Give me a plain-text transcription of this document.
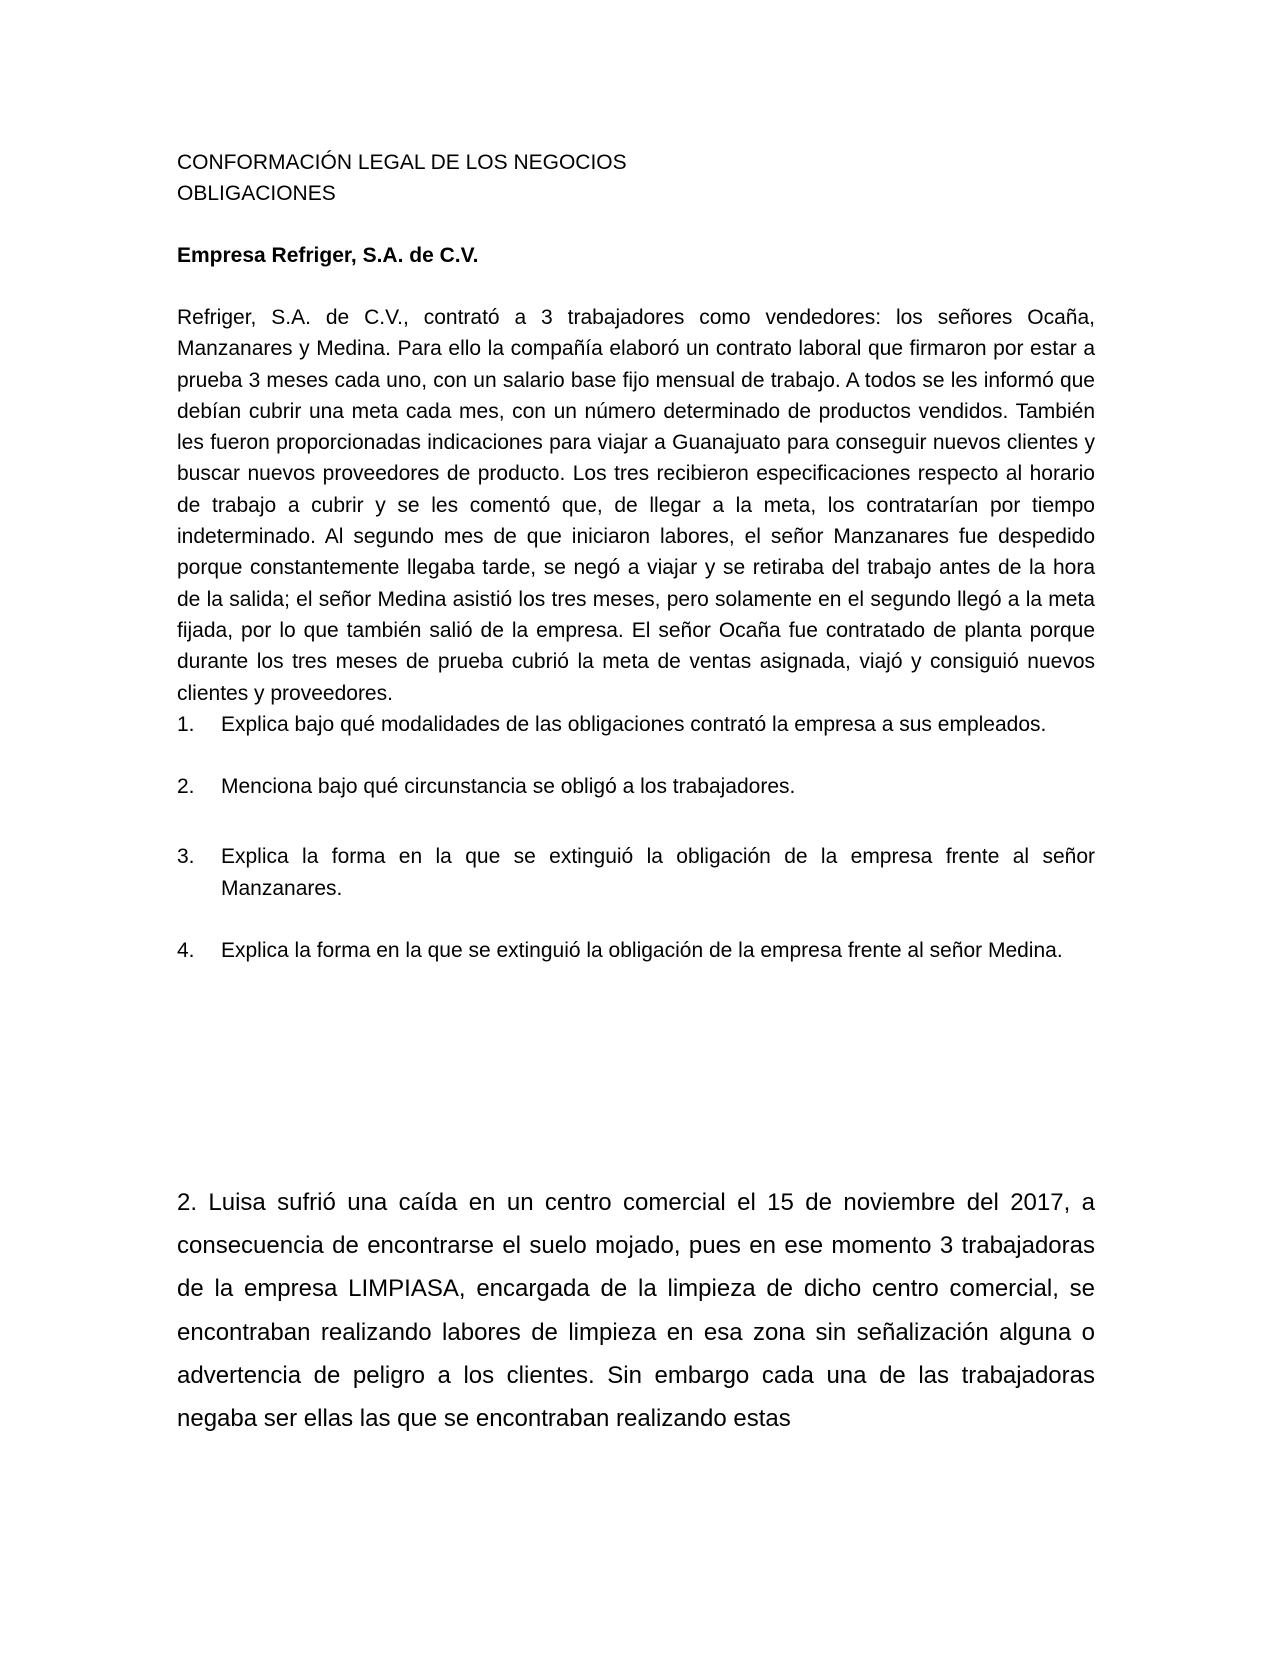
CONFORMACIÓN LEGAL DE LOS NEGOCIOS

OBLIGACIONES

Empresa Refriger, S.A. de C.V.

Refriger, S.A. de C.V., contrató a 3 trabajadores como vendedores: los señores Ocaña, Manzanares y Medina. Para ello la compañía elaboró un contrato laboral que firmaron por estar a prueba 3 meses cada uno, con un salario base fijo mensual de trabajo. A todos se les informó que debían cubrir una meta cada mes, con un número determinado de productos vendidos. También les fueron proporcionadas indicaciones para viajar a Guanajuato para conseguir nuevos clientes y buscar nuevos proveedores de producto. Los tres recibieron especificaciones respecto al horario de trabajo a cubrir y se les comentó que, de llegar a la meta, los contratarían por tiempo indeterminado. Al segundo mes de que iniciaron labores, el señor Manzanares fue despedido porque constantemente llegaba tarde, se negó a viajar y se retiraba del trabajo antes de la hora de la salida; el señor Medina asistió los tres meses, pero solamente en el segundo llegó a la meta fijada, por lo que también salió de la empresa. El señor Ocaña fue contratado de planta porque durante los tres meses de prueba cubrió la meta de ventas asignada, viajó y consiguió nuevos clientes y proveedores.

1. Explica bajo qué modalidades de las obligaciones contrató la empresa a sus empleados.
2. Menciona bajo qué circunstancia se obligó a los trabajadores.
3. Explica la forma en la que se extinguió la obligación de la empresa frente al señor Manzanares.
4. Explica la forma en la que se extinguió la obligación de la empresa frente al señor Medina.

2. Luisa sufrió una caída en un centro comercial el 15 de noviembre del 2017, a consecuencia de encontrarse el suelo mojado, pues en ese momento 3 trabajadoras de la empresa LIMPIASA, encargada de la limpieza de dicho centro comercial, se encontraban realizando labores de limpieza en esa zona sin señalización alguna o advertencia de peligro a los clientes. Sin embargo cada una de las trabajadoras negaba ser ellas las que se encontraban realizando estas
